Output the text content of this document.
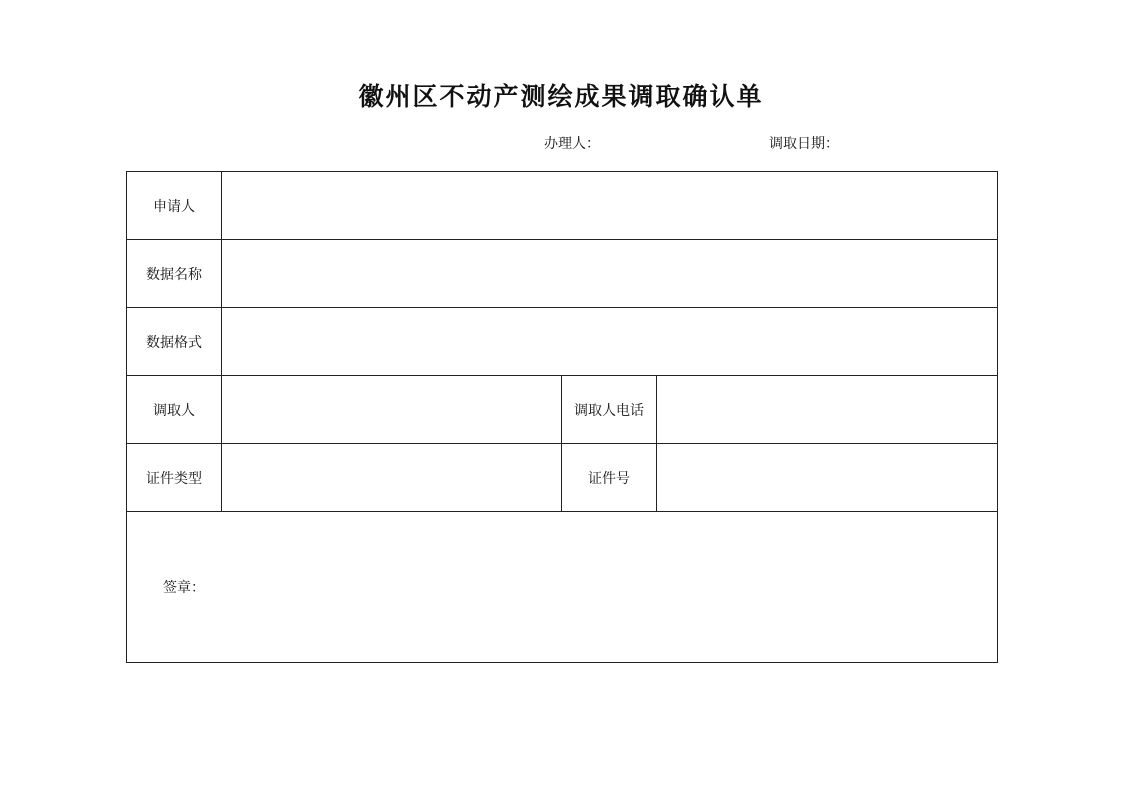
徽州区不动产测绘成果调取确认单
办理人：	调取日期：
申请人			
数据名称			
数据格式			
调取人		调取人电话	
证件类型		证件号	
签章：			
